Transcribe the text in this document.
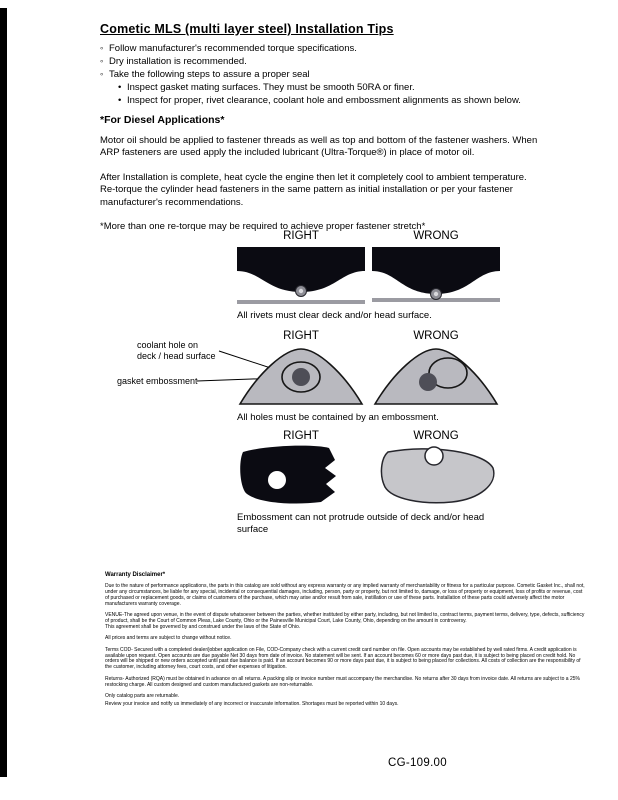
Cometic MLS (multi layer steel) Installation Tips
◦ Follow manufacturer's recommended torque specifications.
◦ Dry installation is recommended.
◦ Take the following steps to assure a proper seal
• Inspect gasket mating surfaces. They must be smooth 50RA or finer.
• Inspect for proper, rivet clearance, coolant hole and embossment alignments as shown below.
*For Diesel Applications*

Motor oil should be applied to fastener threads as well as top and bottom of the fastener washers. When ARP fasteners are used apply the included lubricant (Ultra-Torque®) in place of motor oil.

After Installation is complete, heat cycle the engine then let it completely cool to ambient temperature. Re-torque the cylinder head fasteners in the same pattern as initial installation or per your fastener manufacturer's recommendations.

*More than one re-torque may be required to achieve proper fastener stretch*

RIGHT	WRONG
All rivets must clear deck and/or head surface.
RIGHT	WRONG
coolant hole on
deck / head surface
gasket embossment
All holes must be contained by an embossment.
RIGHT	WRONG
Embossment can not protrude outside of deck and/or head surface
Warranty Disclaimer*

Due to the nature of performance applications, the parts in this catalog are sold without any express warranty or any implied warranty of merchantability or fitness for a particular purpose. Cometic Gasket Inc., shall not, under any circumstances, be liable for any special, incidental or consequential damages, including, person, party or property, but not limited to, damage, or loss of property or equipment, loss of profits or revenue, cost of purchased or replacement goods, or claims of customers of the purchase, which may arise and/or result from sale, instillation or use of these parts. Installation of these parts could adversely affect the motor manufacturers warranty coverage.

VENUE-The agreed upon venue, in the event of dispute whatsoever between the parties, whether instituted by either party, including, but not limited to, contract terms, payment terms, delivery, type, defects, sufficiency of product, shall be the Court of Common Pleas, Lake County, Ohio or the Painesville Municipal Court, Lake County, Ohio, depending on the amount in controversy.

This agreement shall be governed by and construed under the laws of the State of Ohio.

All prices and terms are subject to change without notice.

Terms COD- Secured with a completed dealer/jobber application on File, COD-Company check with a current credit card number on file. Open accounts may be established by well rated firms. A credit application is available upon request. Open accounts are due payable Net 30 days from date of invoice. No statement will be sent. If an account becomes 60 or more days past due, it is subject to being placed on credit hold. No orders will be shipped or new orders accepted until past due balance is paid. If an account becomes 90 or more days past due, it is subject to being placed for collections. All costs of collection are the responsibility of the customer, including attorney fees, court costs, and other expenses of litigation.

Returns- Authorized (RQA) must be obtained in advance on all returns. A packing slip or invoice number must accompany the merchandise. No returns after 30 days from invoice date. All returns are subject to a 25% restocking charge. All custom designed and custom manufactured gaskets are non-returnable.

Only catalog parts are returnable.

Review your invoice and notify us immediately of any incorrect or inaccurate information. Shortages must be reported within 10 days.

CG-109.00
